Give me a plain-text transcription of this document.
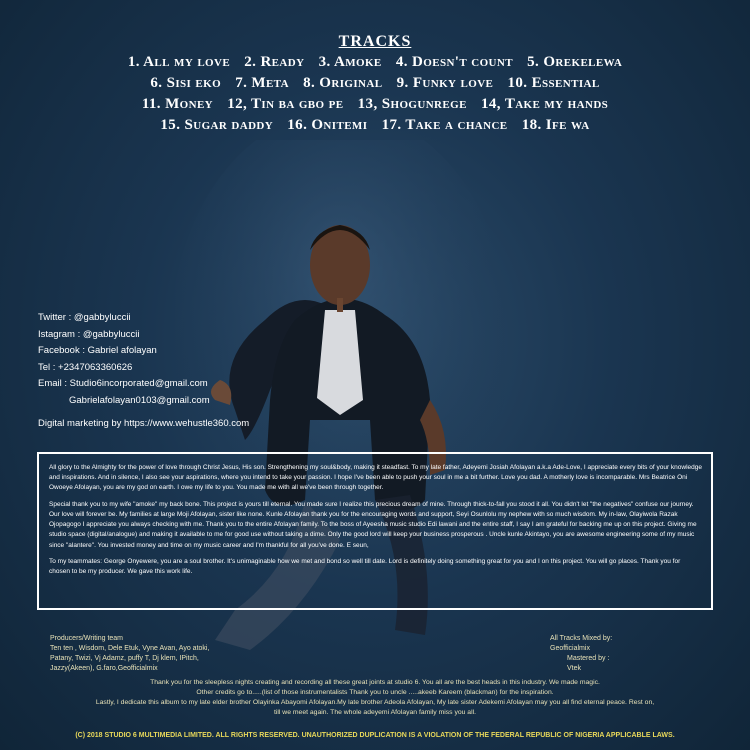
TRACKS
1. All my love 2. Ready 3. Amoke 4. Doesn't count 5. Orekelewa
6. Sisi eko 7. Meta 8. Original 9. Funky love 10. Essential
11. Money 12, Tin ba gbo pe 13, Shogunrege 14, Take my hands
15. Sugar daddy 16. Onitemi 17. Take a chance 18. Ife wa
Twitter : @gabbyluccii
Istagram : @gabbyluccii
Facebook : Gabriel afolayan
Tel : +2347063360626
Email : Studio6incorporated@gmail.com
Gabrielafolayan0103@gmail.com
Digital marketing by https://www.wehustle360.com

All glory to the Almighty for the power of love through Christ Jesus, His son. Strengthening my soul&body, making it steadfast. To my late father, Adeyemi Josiah Afolayan a.k.a Ade-Love, I appreciate every bits of your knowledge and inspirations. And in silence, I also see your aspirations, where you intend to take your passion. I hope I've been able to push your soul in me a bit further. Love you dad. A motherly love is incomparable. Mrs Beatrice Oni Owoeye Afolayan, you are my god on earth. I owe my life to you. You made me with all we've been through together.

Special thank you to my wife "amoke" my back bone. This project is yours till eternal. You made sure I realize this precious dream of mine. Through thick-to-fall you stood it all. You didn't let "the negatives" confuse our journey. Our love will forever be. My families at large Moji Afolayan, sister like none. Kunle Afolayan thank you for the encouraging words and support, Seyi Osunlolu my nephew with so much wisdom. My in-law, Olayiwola Razak Ojopagogo I appreciate you always checking with me. Thank you to the entire Afolayan family. To the boss of Ayeesha music studio Edi lawani and the entire staff, I say I am grateful for backing me up on this project. Giving me studio space (digital/analogue) and making it available to me for good use without taking a dime. Only the good lord will keep your business prosperous . Uncle kunle Akintayo, you are awesome engineering some of my music since "alantere". You invested money and time on my music career and I'm thankful for all you've done. E seun,

To my teammates: George Onyewere, you are a soul brother. It's unimaginable how we met and bond so well till date. Lord is definitely doing something great for you and I on this project. You will go places. Thank you for chosen to be my producer. We gave this work life.

Producers/Writing team
Ten ten , Wisdom, Dele Etuk, Vyne Avan, Ayo atoki,
Patany, Twizi, Vj Adamz, puffy T, Dj klem, IPitch,
Jazzy(Akeen), G.faro,Geofficialmix
All Tracks Mixed by:
Geofficialmix
Mastered by :
Vtek
Thank you for the sleepless nights creating and recording all these great joints at studio 6. You all are the best heads in this industry. We made magic.
Other credits go to.....(list of those instrumentalists Thank you to uncle .....akeeb Kareem (blackman) for the inspiration.
Lastly, I dedicate this album to my late elder brother Olayinka Abayomi Afolayan.My late brother Adeola Afolayan, My late sister Adekemi Afolayan may you all find eternal peace. Rest on,
till we meet again. The whole adeyemi Afolayan family miss you all.
(C) 2018 STUDIO 6 MULTIMEDIA LIMITED. ALL RIGHTS RESERVED. UNAUTHORIZED DUPLICATION IS A VIOLATION OF THE FEDERAL REPUBLIC OF NIGERIA APPLICABLE LAWS.
